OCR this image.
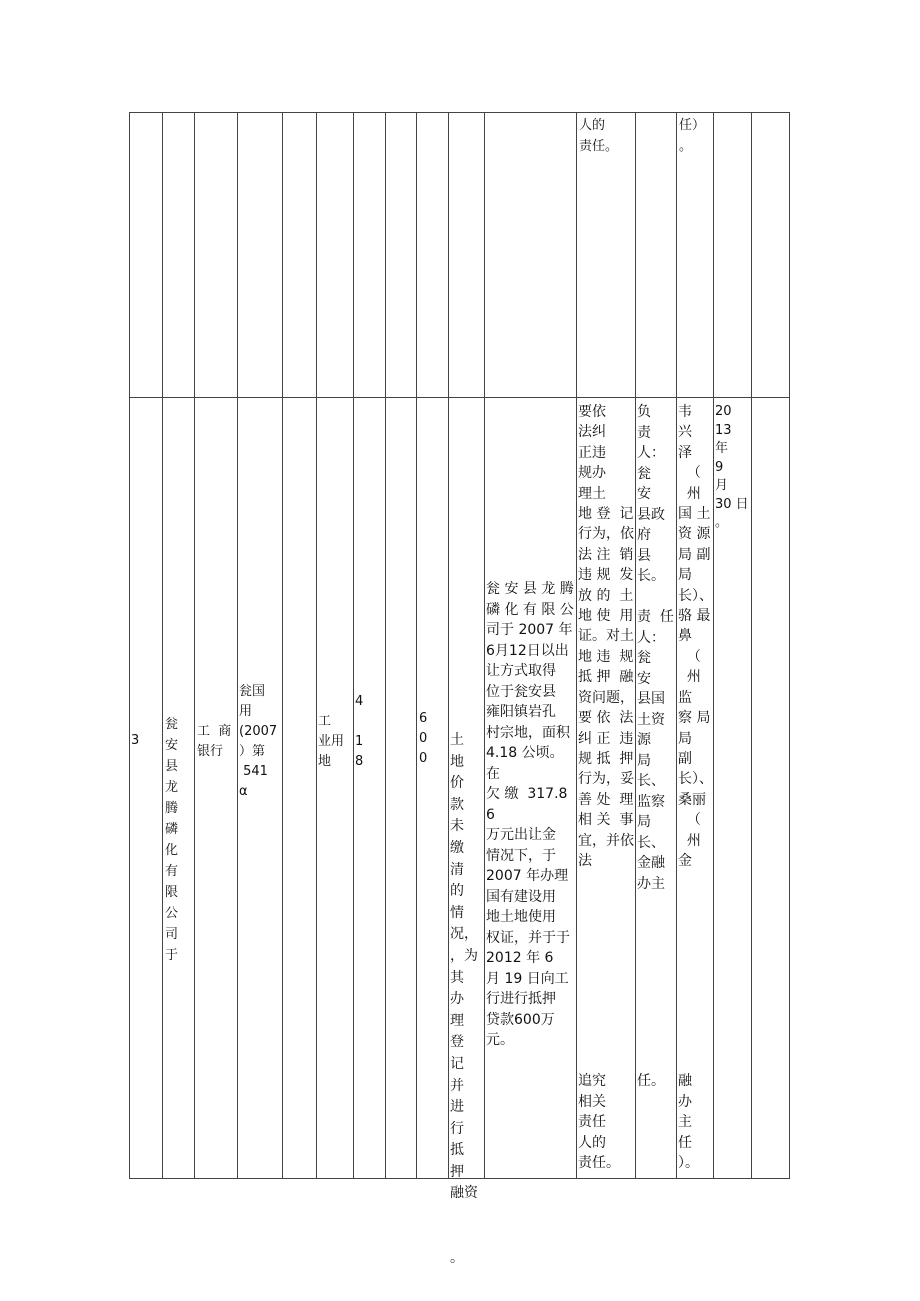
人的
责任。
任）
。
3
瓮
安
县
龙
腾
磷
化
有
限
公
司
于
工  商
银行
瓮国
用
(2007
）第
541
α
工
业用
地
4

1
8
6
0
0
土  地
价  款
未  缴
清  的
情况，
，为 其
办  理
登  记
并  进
行
抵  押
融资

。
瓮 安 县 龙 腾
磷 化 有 限 公
司于 2007 年
6月12日以出
让方式取得
位于瓮安县
雍阳镇岩孔
村宗地，面积
4.18 公顷。在
欠 缴  317.86
万元出让金
情况下，于
2007 年办理
国有建设用
地土地使用
权证，并于于
2012 年 6
月 19 日向工
行进行抵押
贷款600万元。
要依
法纠
正违
规办
理土
地 登  记
行为，依
法 注  销
违 规  发
放 的  土
地 使  用
证。对土
地 违  规
抵 押  融
资问题，
要 依  法
纠 正  违
规 抵  押
行为，妥
善 处  理
相 关  事
宜，并依
法
追究
相关
责任
人的
责任。
负
责
人：
瓮
安
县政
府
县
长。

责  任
人：瓮
安
县国
土资
源
局
长、监察
局
长、金融
办主
任。
韦
兴
泽
（
州
国 土
资 源
局 副
局
长）、
骆 最
鼻
（
州 监
察 局
局
副
长）、
桑丽
（
州金
融
办
主
任
）。
20
13
年
9
月
30 日
。
